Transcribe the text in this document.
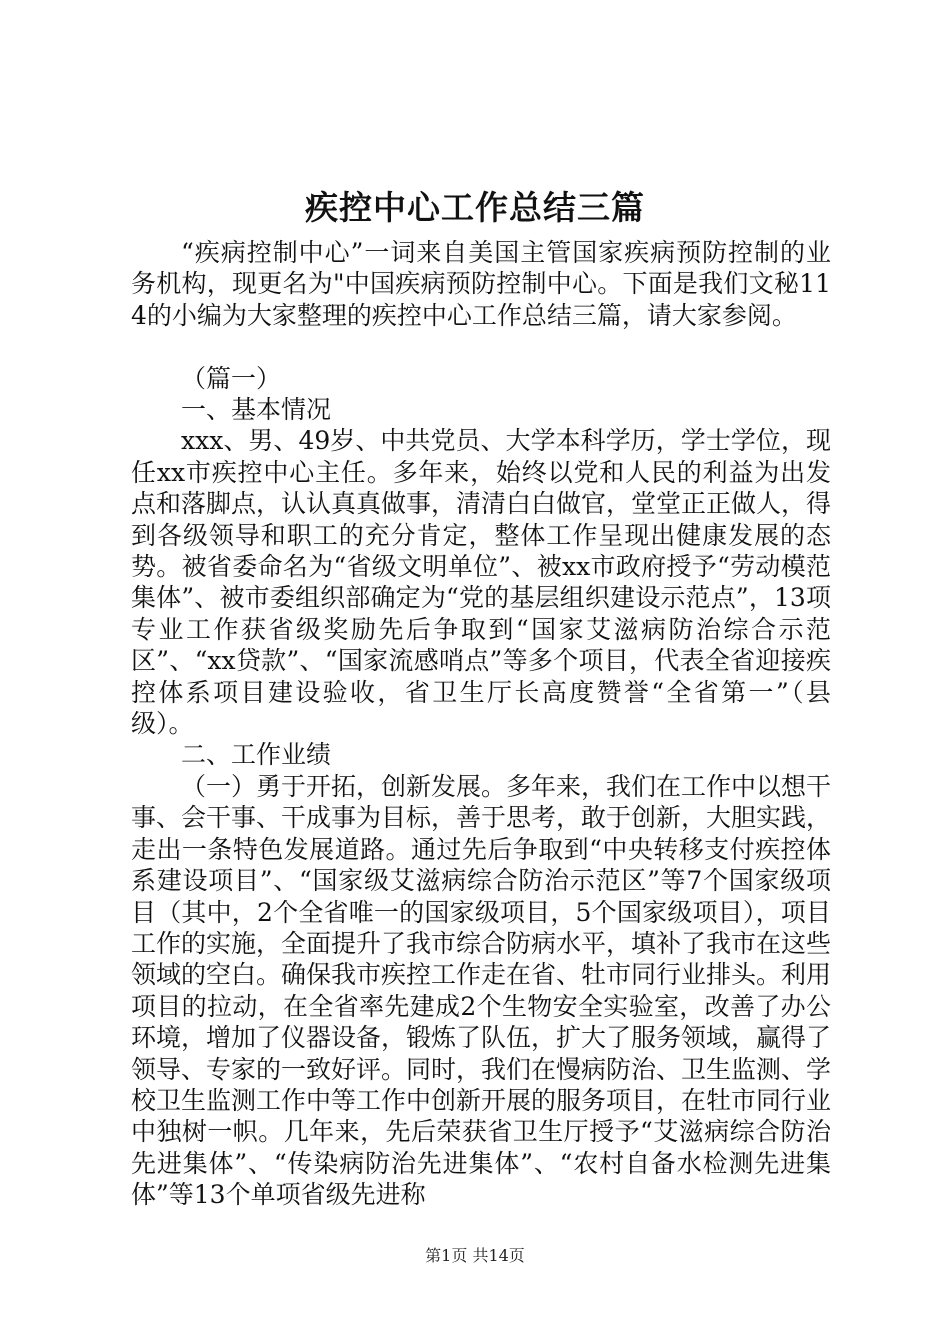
疾控中心工作总结三篇

“疾病控制中心”一词来自美国主管国家疾病预防控制的业务机构，现更名为"中国疾病预防控制中心。下面是我们文秘114的小编为大家整理的疾控中心工作总结三篇，请大家参阅。

（篇一）

一、基本情况

xxx、男、49岁、中共党员、大学本科学历，学士学位，现任xx市疾控中心主任。多年来，始终以党和人民的利益为出发点和落脚点，认认真真做事，清清白白做官，堂堂正正做人，得到各级领导和职工的充分肯定，整体工作呈现出健康发展的态势。被省委命名为“省级文明单位”、被xx市政府授予“劳动模范集体”、被市委组织部确定为“党的基层组织建设示范点”，13项专业工作获省级奖励先后争取到“国家艾滋病防治综合示范区”、“xx贷款”、“国家流感哨点”等多个项目，代表全省迎接疾控体系项目建设验收，省卫生厅长高度赞誉“全省第一”（县级）。

二、工作业绩

（一）勇于开拓，创新发展。多年来，我们在工作中以想干事、会干事、干成事为目标，善于思考，敢于创新，大胆实践，走出一条特色发展道路。通过先后争取到“中央转移支付疾控体系建设项目”、“国家级艾滋病综合防治示范区”等7个国家级项目（其中，2个全省唯一的国家级项目，5个国家级项目），项目工作的实施，全面提升了我市综合防病水平，填补了我市在这些领域的空白。确保我市疾控工作走在省、牡市同行业排头。利用项目的拉动，在全省率先建成2个生物安全实验室，改善了办公环境，增加了仪器设备，锻炼了队伍，扩大了服务领域，赢得了领导、专家的一致好评。同时，我们在慢病防治、卫生监测、学校卫生监测工作中等工作中创新开展的服务项目，在牡市同行业中独树一帜。几年来，先后荣获省卫生厅授予“艾滋病综合防治先进集体”、“传染病防治先进集体”、“农村自备水检测先进集体”等13个单项省级先进称

第1页 共14页
